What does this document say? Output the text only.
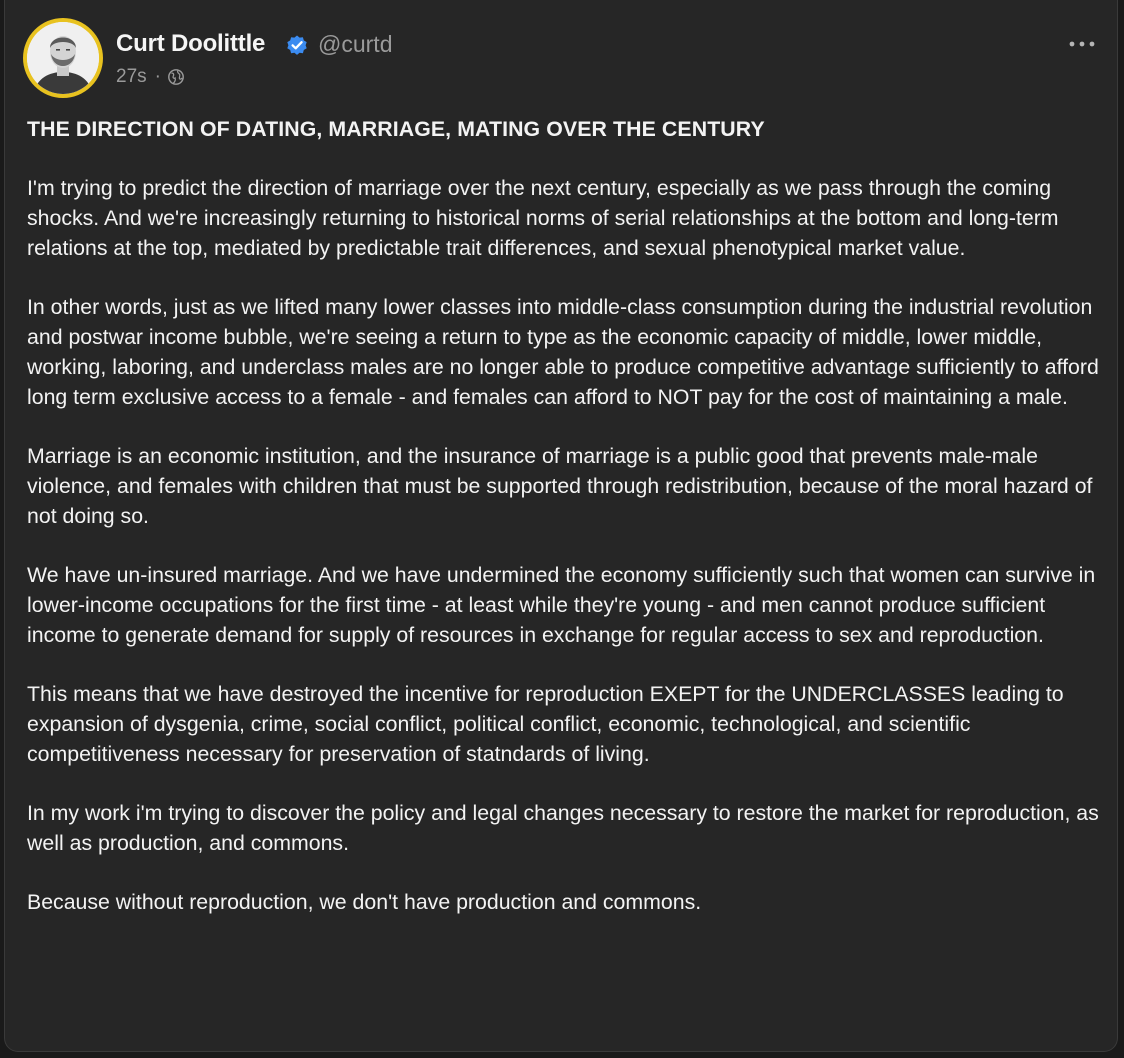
Curt Doolittle @curtd
27s ·

THE DIRECTION OF DATING, MARRIAGE, MATING OVER THE CENTURY

I'm trying to predict the direction of marriage over the next century, especially as we pass through the coming shocks. And we're increasingly returning to historical norms of serial relationships at the bottom and long-term relations at the top, mediated by predictable trait differences, and sexual phenotypical market value.

In other words, just as we lifted many lower classes into middle-class consumption during the industrial revolution and postwar income bubble, we're seeing a return to type as the economic capacity of middle, lower middle, working, laboring, and underclass males are no longer able to produce competitive advantage sufficiently to afford long term exclusive access to a female - and females can afford to NOT pay for the cost of maintaining a male.

Marriage is an economic institution, and the insurance of marriage is a public good that prevents male-male violence, and females with children that must be supported through redistribution, because of the moral hazard of not doing so.

We have un-insured marriage. And we have undermined the economy sufficiently such that women can survive in lower-income occupations for the first time - at least while they're young - and men cannot produce sufficient income to generate demand for supply of resources in exchange for regular access to sex and reproduction.

This means that we have destroyed the incentive for reproduction EXEPT for the UNDERCLASSES leading to expansion of dysgenia, crime, social conflict, political conflict, economic, technological, and scientific competitiveness necessary for preservation of statndards of living.

In my work i'm trying to discover the policy and legal changes necessary to restore the market for reproduction, as well as production, and commons.

Because without reproduction, we don't have production and commons.
